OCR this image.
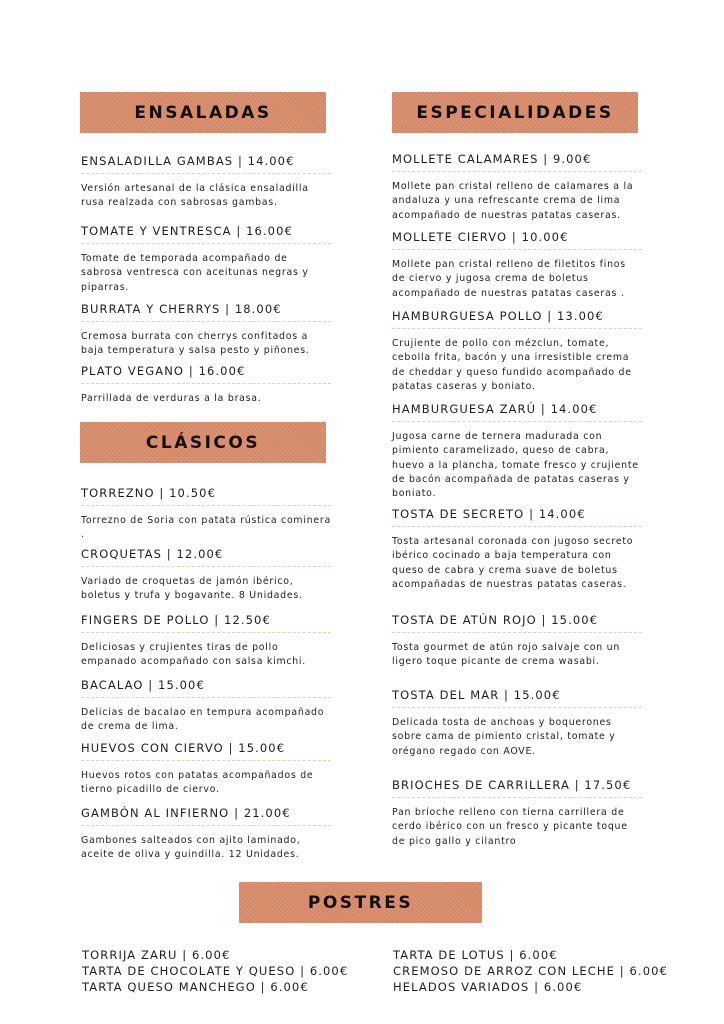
ENSALADAS
CLÁSICOS
ESPECIALIDADES
POSTRES
ENSALADILLA GAMBAS | 14.00€
Versión artesanal de la clásica ensaladilla rusa realzada con sabrosas gambas.
TOMATE Y VENTRESCA | 16.00€
Tomate de temporada acompañado de sabrosa ventresca con aceitunas negras y piparras.
BURRATA Y CHERRYS | 18.00€
Cremosa burrata con cherrys confitados a baja temperatura y salsa pesto y piñones.
PLATO VEGANO | 16.00€
Parrillada de verduras a la brasa.
TORREZNO | 10.50€
Torrezno de Soria con patata rústica cominera .
CROQUETAS | 12.00€
Variado de croquetas de jamón ibérico, boletus y trufa y bogavante. 8 Unidades.
FINGERS DE POLLO | 12.50€
Deliciosas y crujientes tiras de pollo empanado acompañado con salsa kimchi.
BACALAO | 15.00€
Delicias de bacalao en tempura acompañado de crema de lima.
HUEVOS CON CIERVO | 15.00€
Huevos rotos con patatas acompañados de tierno picadillo de ciervo.
GAMBÓN AL INFIERNO | 21.00€
Gambones salteados con ajito laminado, aceite de oliva y guindilla. 12 Unidades.
MOLLETE CALAMARES | 9.00€
Mollete pan cristal relleno de calamares a la andaluza y una refrescante crema de lima acompañado de nuestras patatas caseras.
MOLLETE CIERVO | 10.00€
Mollete pan cristal relleno de filetitos finos de ciervo y jugosa crema de boletus acompañado de nuestras patatas caseras .
HAMBURGUESA POLLO | 13.00€
Crujiente de pollo con mézclun, tomate, cebolla frita, bacón y una irresistible crema de cheddar y queso fundido acompañado de patatas caseras y boniato.
HAMBURGUESA ZARÚ | 14.00€
Jugosa carne de ternera madurada con pimiento caramelizado, queso de cabra, huevo a la plancha, tomate fresco y crujiente de bacón acompañada de patatas caseras y boniato.
TOSTA DE SECRETO | 14.00€
Tosta artesanal coronada con jugoso secreto ibérico cocinado a baja temperatura con queso de cabra y crema suave de boletus acompañadas de nuestras patatas caseras.
TOSTA DE ATÚN ROJO | 15.00€
Tosta gourmet de atún rojo salvaje con un ligero toque picante de crema wasabi.
TOSTA DEL MAR | 15.00€
Delicada tosta de anchoas y boquerones sobre cama de pimiento cristal, tomate y orégano regado con AOVE.
BRIOCHES DE CARRILLERA | 17.50€
Pan brioche relleno con tierna carrillera de cerdo ibérico con un fresco y picante toque de pico gallo y cilantro
TORRIJA ZARU | 6.00€
TARTA DE CHOCOLATE Y QUESO | 6.00€
TARTA QUESO MANCHEGO | 6.00€
TARTA DE LOTUS | 6.00€
CREMOSO DE ARROZ CON LECHE | 6.00€
HELADOS VARIADOS | 6.00€
